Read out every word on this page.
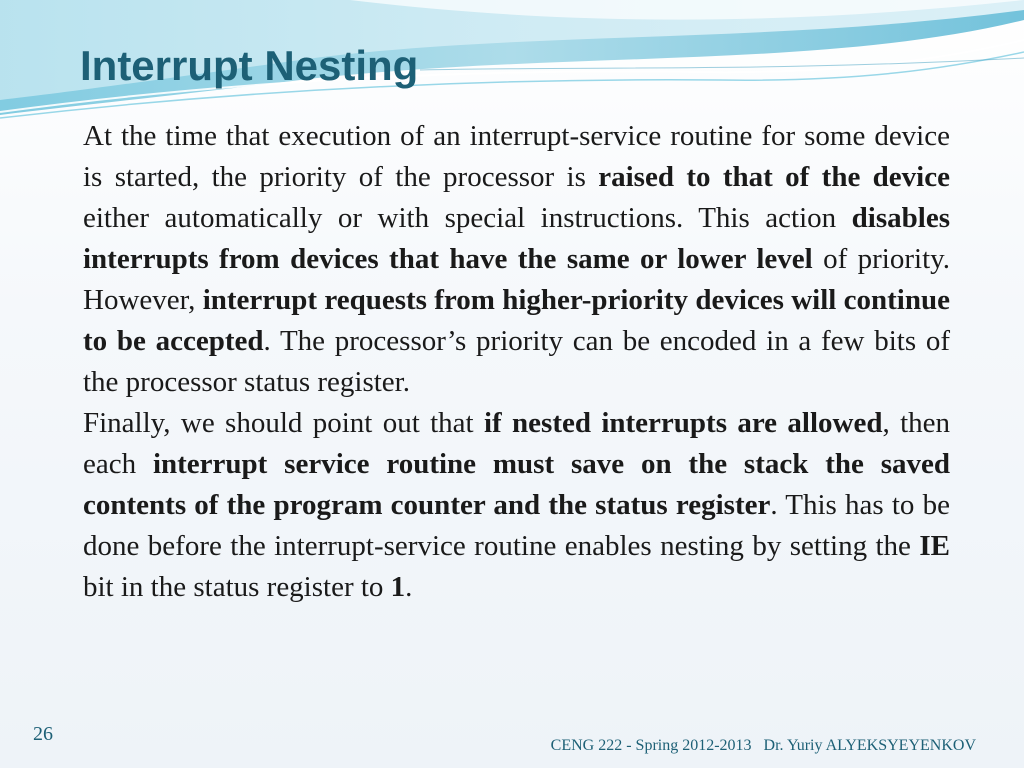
Interrupt Nesting

At the time that execution of an interrupt-service routine for some device is started, the priority of the processor is raised to that of the device either automatically or with special instructions. This action disables interrupts from devices that have the same or lower level of priority. However, interrupt requests from higher-priority devices will continue to be accepted. The processor’s priority can be encoded in a few bits of the processor status register.

Finally, we should point out that if nested interrupts are allowed, then each interrupt service routine must save on the stack the saved contents of the program counter and the status register. This has to be done before the interrupt-service routine enables nesting by setting the IE bit in the status register to 1.

26
CENG 222 - Spring 2012-2013   Dr. Yuriy ALYEKSYEYENKOV
